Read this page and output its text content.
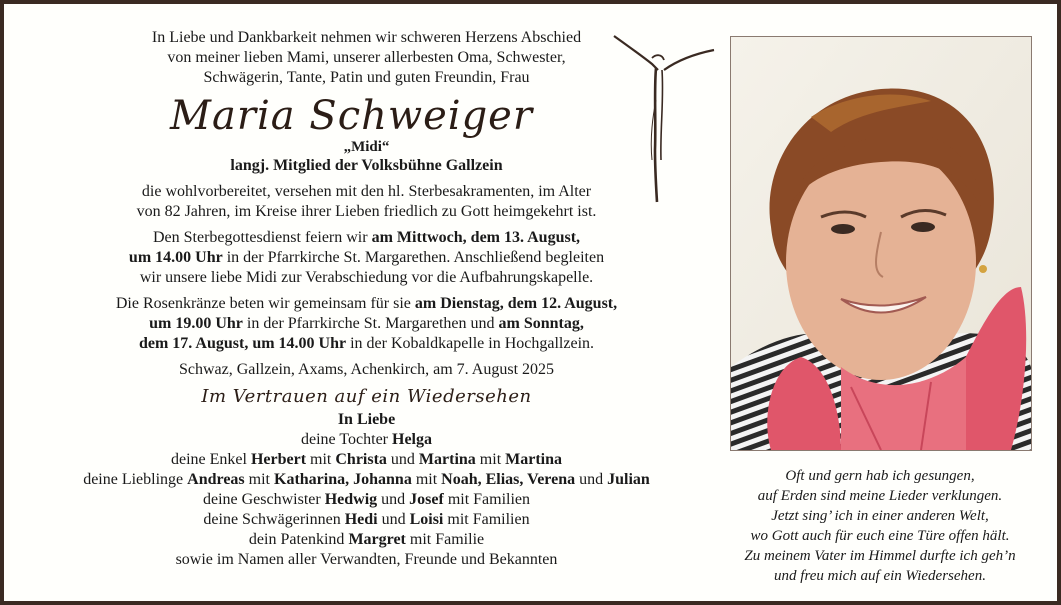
In Liebe und Dankbarkeit nehmen wir schweren Herzens Abschied

von meiner lieben Mami, unserer allerbesten Oma, Schwester,

Schwägerin, Tante, Patin und guten Freundin, Frau

Maria Schweiger
„Midi“
langj. Mitglied der Volksbühne Gallzein

die wohlvorbereitet, versehen mit den hl. Sterbesakramenten, im Alter

von 82 Jahren, im Kreise ihrer Lieben friedlich zu Gott heimgekehrt ist.

Den Sterbegottesdienst feiern wir am Mittwoch, dem 13. August,

um 14.00 Uhr in der Pfarrkirche St. Margarethen. Anschließend begleiten

wir unsere liebe Midi zur Verabschiedung vor die Aufbahrungskapelle.

Die Rosenkränze beten wir gemeinsam für sie am Dienstag, dem 12. August,

um 19.00 Uhr in der Pfarrkirche St. Margarethen und am Sonntag,

dem 17. August, um 14.00 Uhr in der Kobaldkapelle in Hochgallzein.

Schwaz, Gallzein, Axams, Achenkirch, am 7. August 2025

Im Vertrauen auf ein Wiedersehen

In Liebe

deine Tochter Helga

deine Enkel Herbert mit Christa und Martina mit Martina

deine Lieblinge Andreas mit Katharina, Johanna mit Noah, Elias, Verena und Julian

deine Geschwister Hedwig und Josef mit Familien

deine Schwägerinnen Hedi und Loisi mit Familien

dein Patenkind Margret mit Familie

sowie im Namen aller Verwandten, Freunde und Bekannten

Oft und gern hab ich gesungen,
auf Erden sind meine Lieder verklungen.
Jetzt sing’ ich in einer anderen Welt,
wo Gott auch für euch eine Türe offen hält.
Zu meinem Vater im Himmel durfte ich geh’n
und freu mich auf ein Wiedersehen.
